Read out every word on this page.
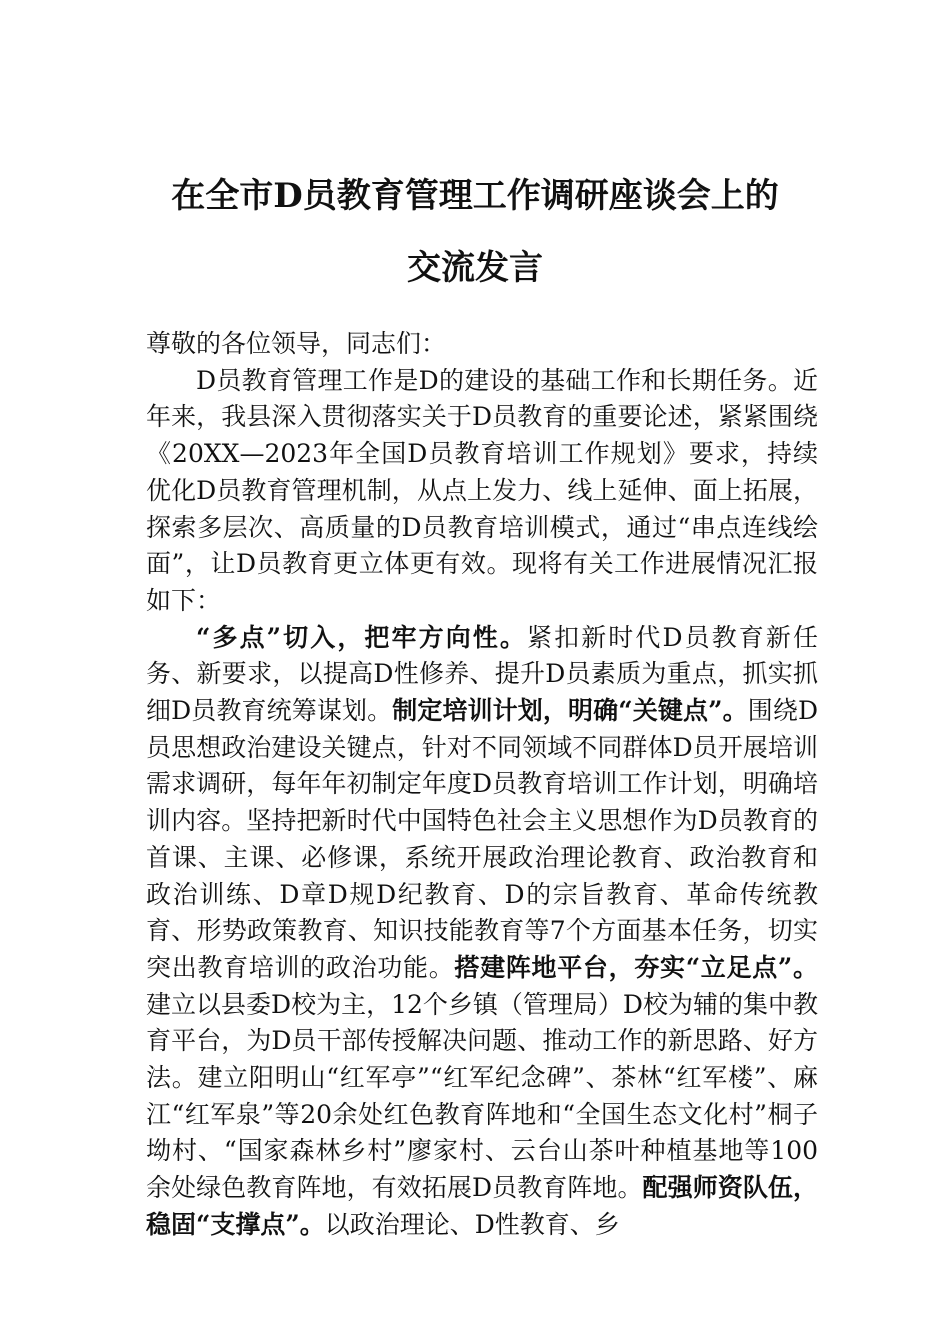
在全市D员教育管理工作调研座谈会上的
交流发言

尊敬的各位领导，同志们：

D员教育管理工作是D的建设的基础工作和长期任务。近年来，我县深入贯彻落实关于D员教育的重要论述，紧紧围绕《20XX—2023年全国D员教育培训工作规划》要求，持续优化D员教育管理机制，从点上发力、线上延伸、面上拓展，探索多层次、高质量的D员教育培训模式，通过“串点连线绘面”，让D员教育更立体更有效。现将有关工作进展情况汇报如下：

“多点”切入，把牢方向性。紧扣新时代D员教育新任务、新要求，以提高D性修养、提升D员素质为重点，抓实抓细D员教育统筹谋划。制定培训计划，明确“关键点”。围绕D员思想政治建设关键点，针对不同领域不同群体D员开展培训需求调研，每年年初制定年度D员教育培训工作计划，明确培训内容。坚持把新时代中国特色社会主义思想作为D员教育的首课、主课、必修课，系统开展政治理论教育、政治教育和政治训练、D章D规D纪教育、D的宗旨教育、革命传统教育、形势政策教育、知识技能教育等7个方面基本任务，切实突出教育培训的政治功能。搭建阵地平台，夯实“立足点”。建立以县委D校为主，12个乡镇（管理局）D校为辅的集中教育平台，为D员干部传授解决问题、推动工作的新思路、好方法。建立阳明山“红军亭”“红军纪念碑”、茶林“红军楼”、麻江“红军泉”等20余处红色教育阵地和“全国生态文化村”桐子坳村、“国家森林乡村”廖家村、云台山茶叶种植基地等100余处绿色教育阵地，有效拓展D员教育阵地。配强师资队伍，稳固“支撑点”。以政治理论、D性教育、乡
